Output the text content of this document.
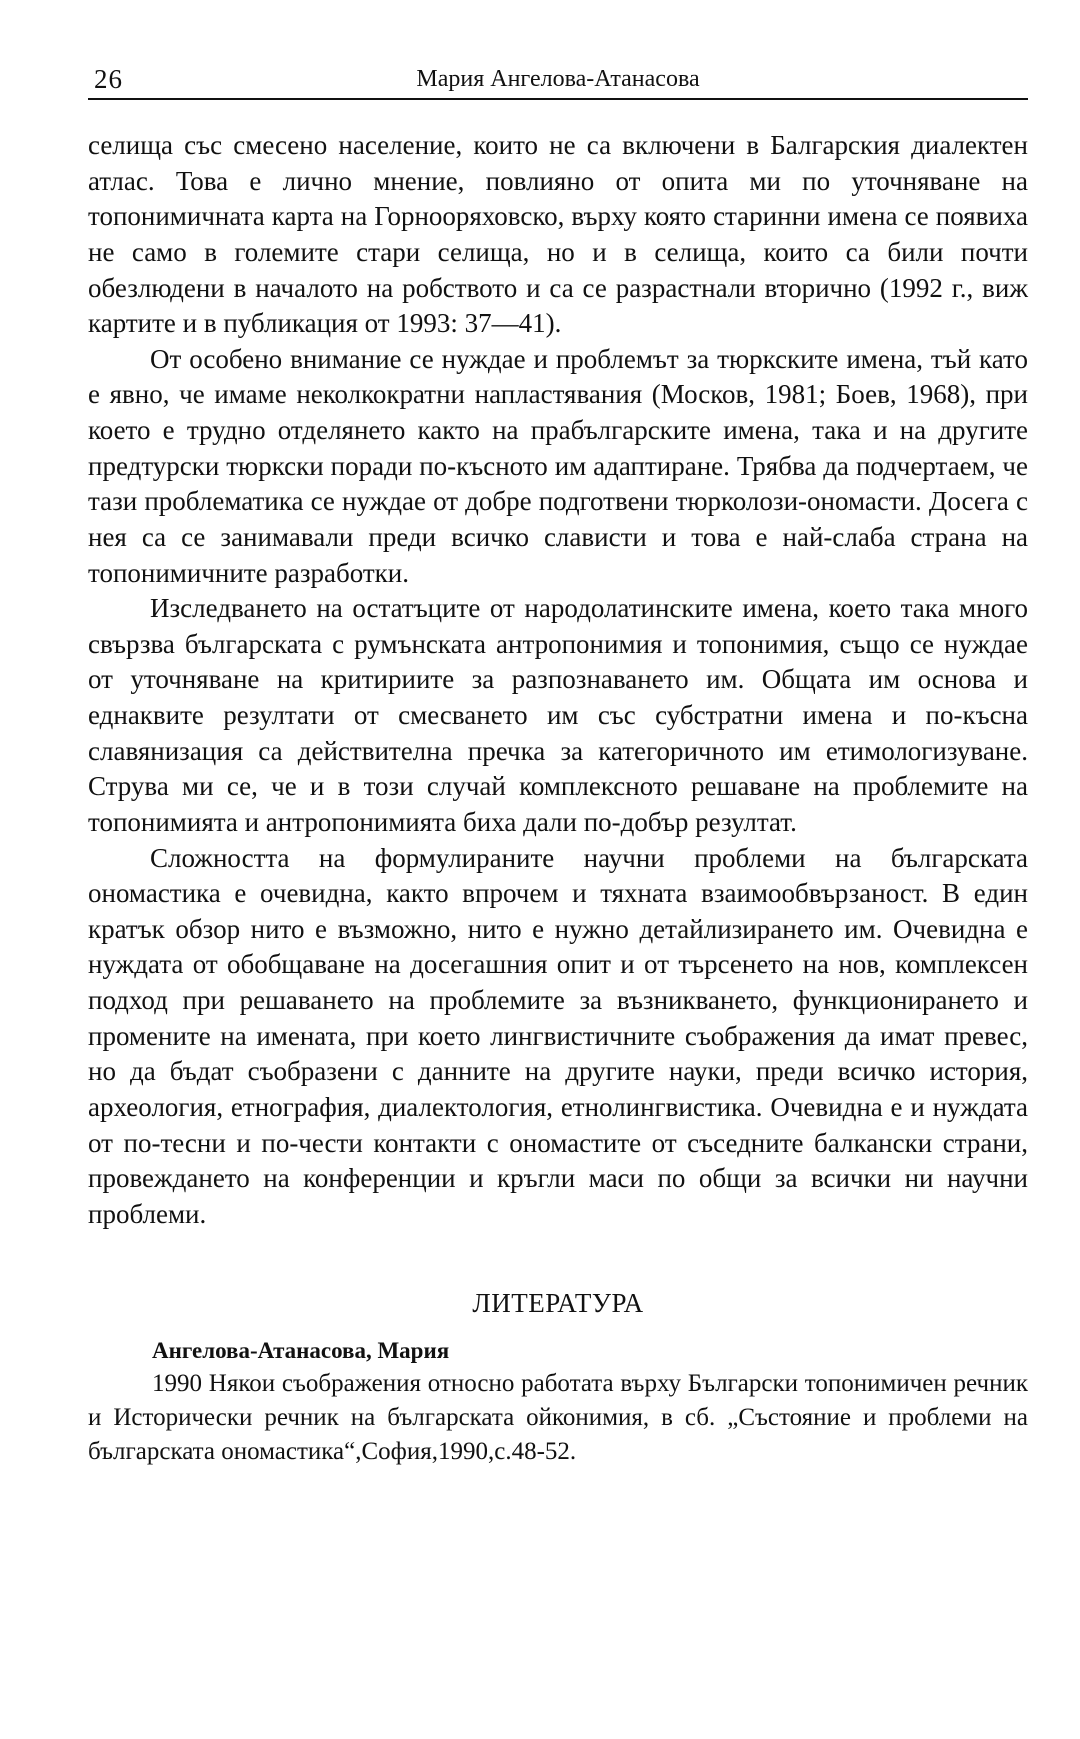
26	Мария Ангелова-Атанасова

селища със смесено население, които не са включени в Балгарския диалектен атлас. Това е лично мнение, повлияно от опита ми по уточняване на топонимичната карта на Горнооряховско, върху която старинни имена се появиха не само в големите стари селища, но и в селища, които са били почти обезлюдени в началото на робството и са се разрастнали вторично (1992 г., виж картите и в публикация от 1993: 37—41).

От особено внимание се нуждае и проблемът за тюркските имена, тъй като е явно, че имаме неколкократни напластявания (Москов, 1981; Боев, 1968), при което е трудно отделянето както на прабългарските имена, така и на другите предтурски тюркски поради по-късното им адаптиране. Трябва да подчертаем, че тази проблематика се нуждае от добре подготвени тюрколози-ономасти. Досега с нея са се занимавали преди всичко слависти и това е най-слаба страна на топонимичните разработки.

Изследването на остатъците от народолатинските имена, което така много свързва българската с румънската антропонимия и топонимия, също се нуждае от уточняване на критириите за разпознаването им. Общата им основа и еднаквите резултати от смесването им със субстратни имена и по-късна славянизация са действителна пречка за категоричното им етимологизуване. Струва ми се, че и в този случай комплексното решаване на проблемите на топонимията и антропонимията биха дали по-добър резултат.

Сложността на формулираните научни проблеми на българската ономастика е очевидна, както впрочем и тяхната взаимообвързаност. В един кратък обзор нито е възможно, нито е нужно детайлизирането им. Очевидна е нуждата от обобщаване на досегашния опит и от търсенето на нов, комплексен подход при решаването на проблемите за възникването, функционирането и промените на имената, при което лингвистичните съображения да имат превес, но да бъдат съобразени с данните на другите науки, преди всичко история, археология, етнография, диалектология, етнолингвистика. Очевидна е и нуждата от по-тесни и по-чести контакти с ономастите от съседните балкански страни, провеждането на конференции и кръгли маси по общи за всички ни научни проблеми.

ЛИТЕРАТУРА
Ангелова-Атанасова, Мария
1990 Някои съображения относно работата върху Български топонимичен речник и Исторически речник на българската ойконимия, в сб. „Състояние и проблеми на българската ономастика“,София,1990,с.48-52.
